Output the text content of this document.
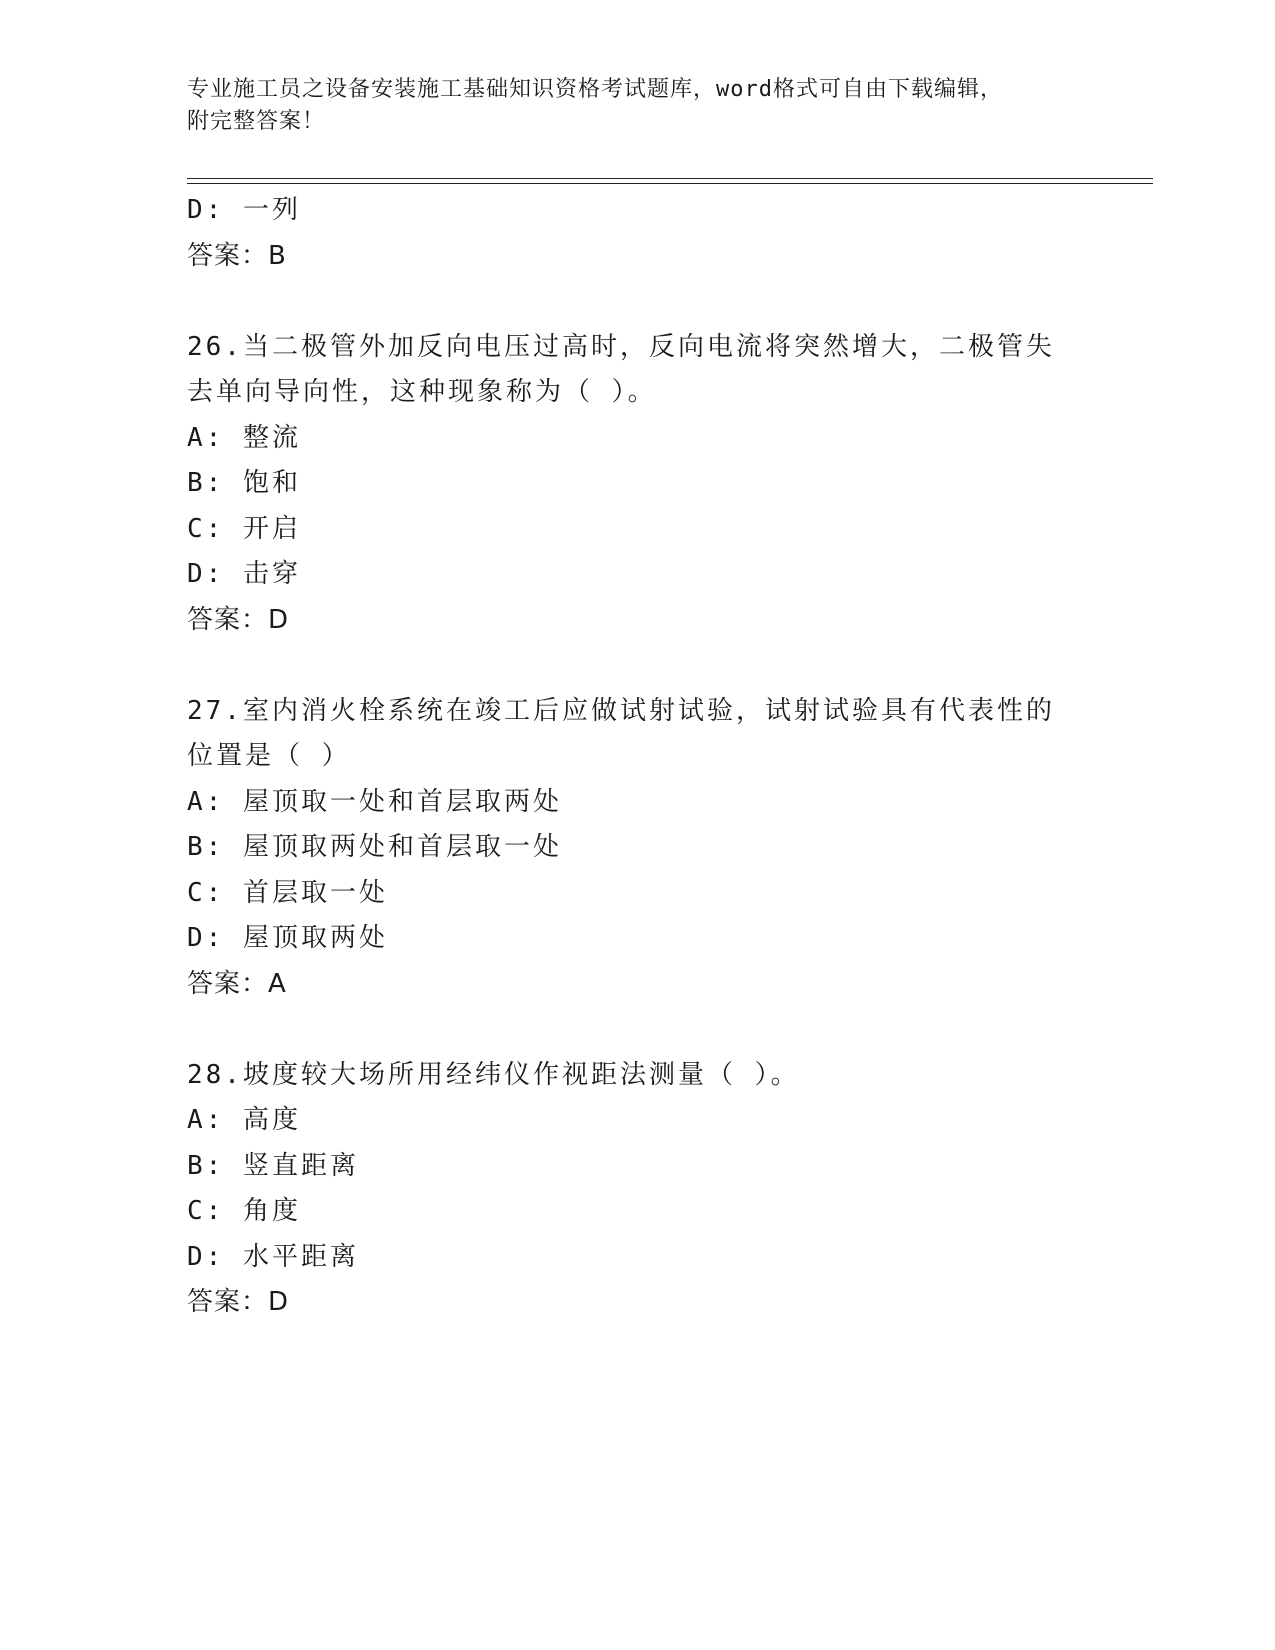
专业施工员之设备安装施工基础知识资格考试题库，word格式可自由下载编辑，
附完整答案！
D: 一列
答案：B
26.当二极管外加反向电压过高时，反向电流将突然增大，二极管失去单向导向性，这种现象称为（ ）。
A: 整流
B: 饱和
C: 开启
D: 击穿
答案：D
27.室内消火栓系统在竣工后应做试射试验，试射试验具有代表性的位置是（ ）
A: 屋顶取一处和首层取两处
B: 屋顶取两处和首层取一处
C: 首层取一处
D: 屋顶取两处
答案：A
28.坡度较大场所用经纬仪作视距法测量（ ）。
A: 高度
B: 竖直距离
C: 角度
D: 水平距离
答案：D
